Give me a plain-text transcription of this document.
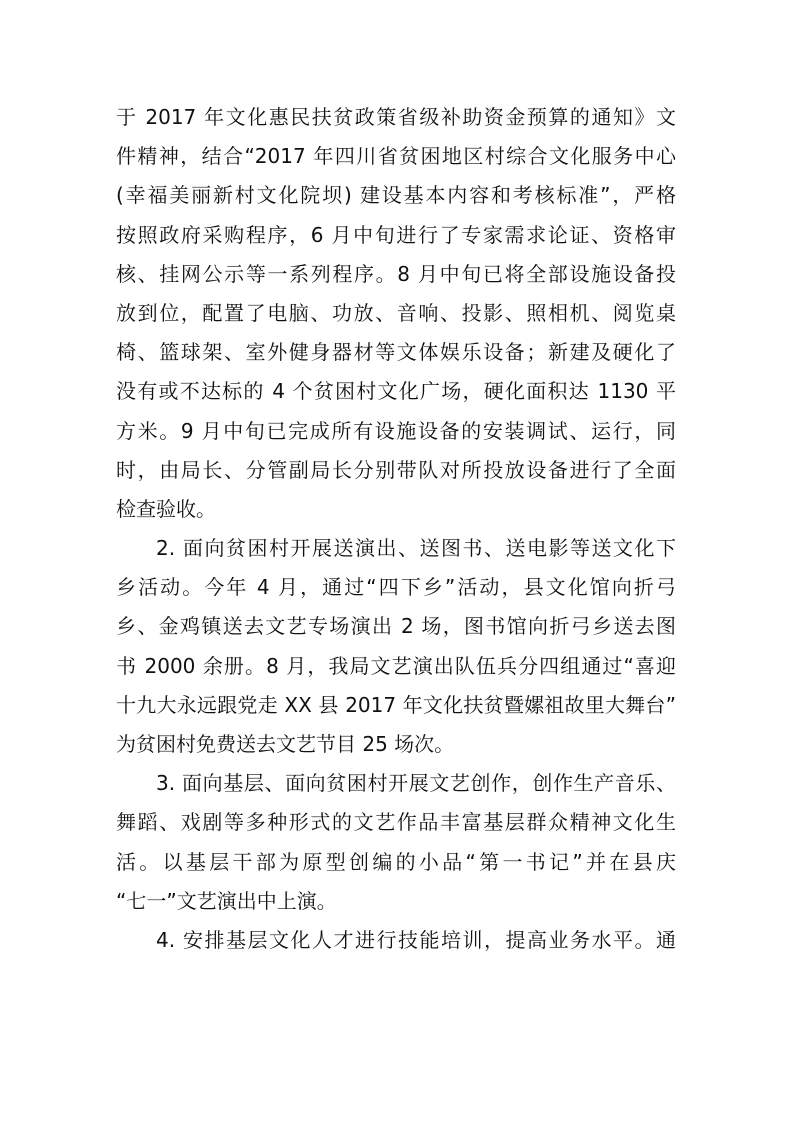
于 2017 年文化惠民扶贫政策省级补助资金预算的通知》文
件精神，结合“2017 年四川省贫困地区村综合文化服务中心
(幸福美丽新村文化院坝) 建设基本内容和考核标准”，严格
按照政府采购程序，6 月中旬进行了专家需求论证、资格审
核、挂网公示等一系列程序。8 月中旬已将全部设施设备投
放到位，配置了电脑、功放、音响、投影、照相机、阅览桌
椅、篮球架、室外健身器材等文体娱乐设备；新建及硬化了
没有或不达标的 4 个贫困村文化广场，硬化面积达 1130 平
方米。9 月中旬已完成所有设施设备的安装调试、运行，同
时，由局长、分管副局长分别带队对所投放设备进行了全面
检查验收。
2. 面向贫困村开展送演出、送图书、送电影等送文化下
乡活动。今年 4 月，通过“四下乡”活动，县文化馆向折弓
乡、金鸡镇送去文艺专场演出 2 场，图书馆向折弓乡送去图
书 2000 余册。8 月，我局文艺演出队伍兵分四组通过“喜迎
十九大永远跟党走 XX 县 2017 年文化扶贫暨嫘祖故里大舞台”
为贫困村免费送去文艺节目 25 场次。
3. 面向基层、面向贫困村开展文艺创作，创作生产音乐、
舞蹈、戏剧等多种形式的文艺作品丰富基层群众精神文化生
活。以基层干部为原型创编的小品“第一书记”并在县庆
“七一”文艺演出中上演。
4. 安排基层文化人才进行技能培训，提高业务水平。通
